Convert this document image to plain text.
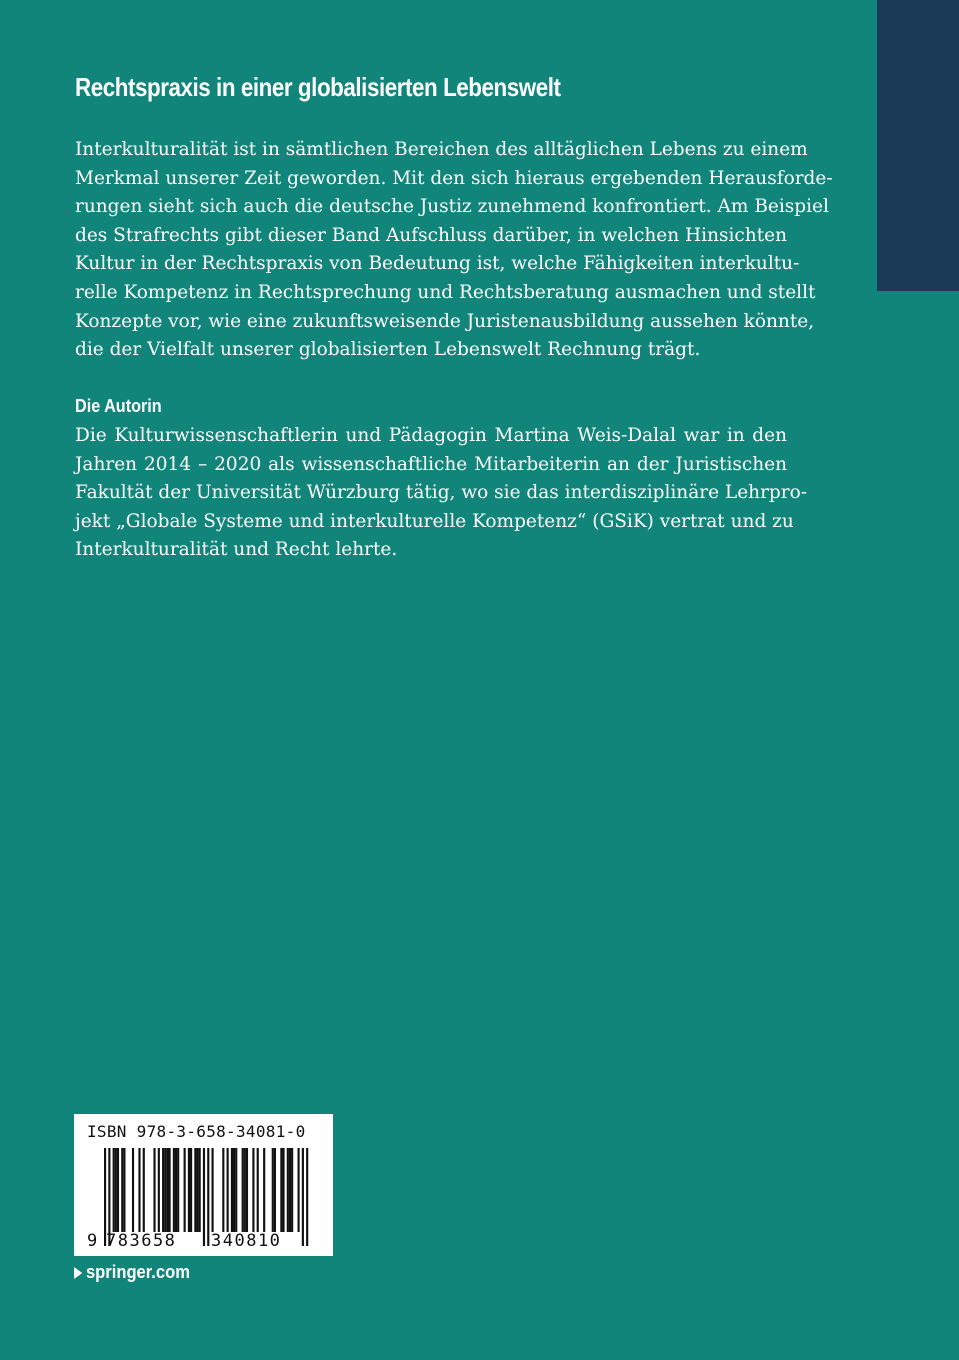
Rechtspraxis in einer globalisierten Lebenswelt
Interkulturalität ist in sämtlichen Bereichen des alltäglichen Lebens zu einem
Merkmal unserer Zeit geworden. Mit den sich hieraus ergebenden Herausforde-
rungen sieht sich auch die deutsche Justiz zunehmend konfrontiert. Am Beispiel
des Strafrechts gibt dieser Band Aufschluss darüber, in welchen Hinsichten
Kultur in der Rechtspraxis von Bedeutung ist, welche Fähigkeiten interkultu-
relle Kompetenz in Rechtsprechung und Rechtsberatung ausmachen und stellt
Konzepte vor, wie eine zukunftsweisende Juristenausbildung aussehen könnte,
die der Vielfalt unserer globalisierten Lebenswelt Rechnung trägt.
Die Autorin
Die Kulturwissenschaftlerin und Pädagogin Martina Weis-Dalal war in den
Jahren 2014 – 2020 als wissenschaftliche Mitarbeiterin an der Juristischen
Fakultät der Universität Würzburg tätig, wo sie das interdisziplinäre Lehrpro-
jekt „Globale Systeme und interkulturelle Kompetenz“ (GSiK) vertrat und zu
Interkulturalität und Recht lehrte.
ISBN 978-3-658-34081-0
9 783658 340810
springer.com
